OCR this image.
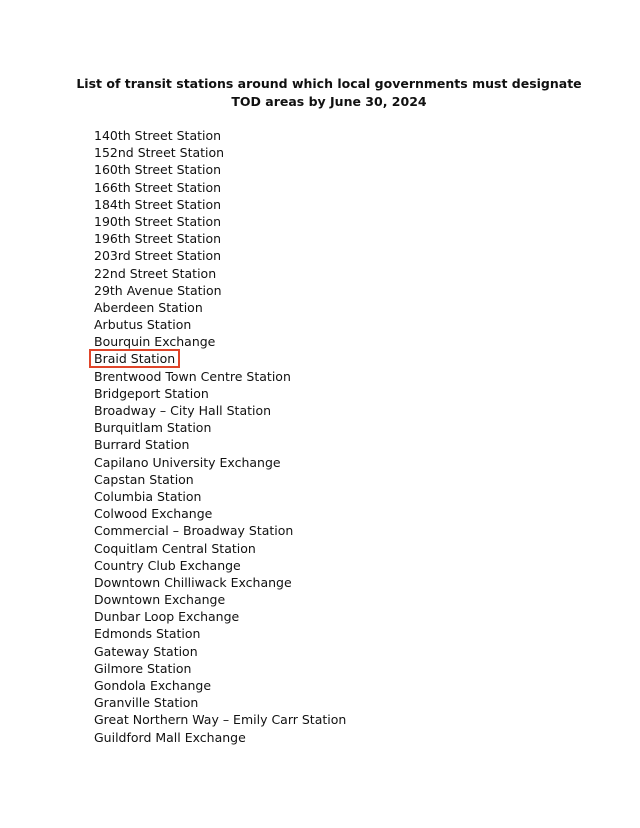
List of transit stations around which local governments must designate
TOD areas by June 30, 2024
140th Street Station
152nd Street Station
160th Street Station
166th Street Station
184th Street Station
190th Street Station
196th Street Station
203rd Street Station
22nd Street Station
29th Avenue Station
Aberdeen Station
Arbutus Station
Bourquin Exchange
Braid Station
Brentwood Town Centre Station
Bridgeport Station
Broadway – City Hall Station
Burquitlam Station
Burrard Station
Capilano University Exchange
Capstan Station
Columbia Station
Colwood Exchange
Commercial – Broadway Station
Coquitlam Central Station
Country Club Exchange
Downtown Chilliwack Exchange
Downtown Exchange
Dunbar Loop Exchange
Edmonds Station
Gateway Station
Gilmore Station
Gondola Exchange
Granville Station
Great Northern Way – Emily Carr Station
Guildford Mall Exchange
